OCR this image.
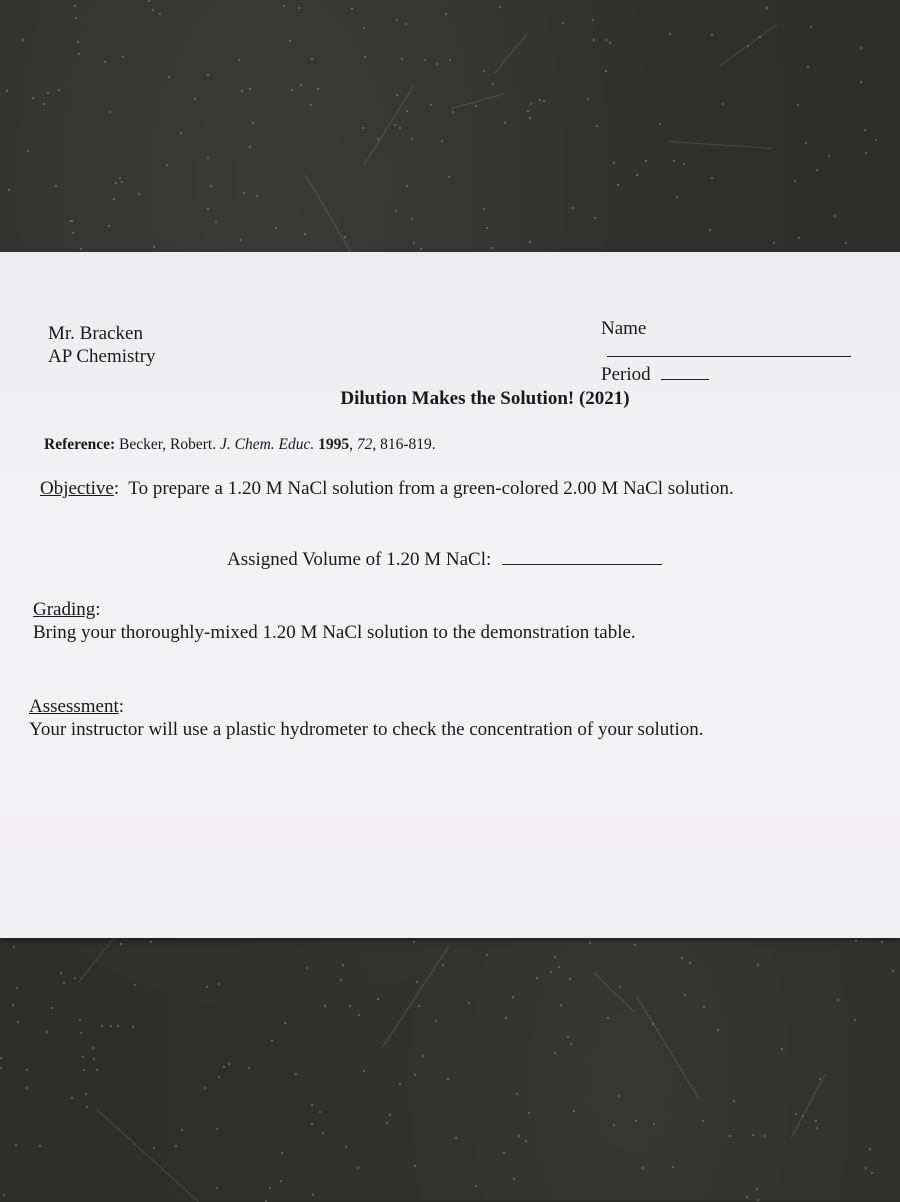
Mr. Bracken
AP Chemistry
Name
Period
Dilution Makes the Solution! (2021)
Reference: Becker, Robert. J. Chem. Educ. 1995, 72, 816-819.
Objective:  To prepare a 1.20 M NaCl solution from a green-colored 2.00 M NaCl solution.
Assigned Volume of 1.20 M NaCl:
Grading:
Bring your thoroughly-mixed 1.20 M NaCl solution to the demonstration table.
Assessment:
Your instructor will use a plastic hydrometer to check the concentration of your solution.
